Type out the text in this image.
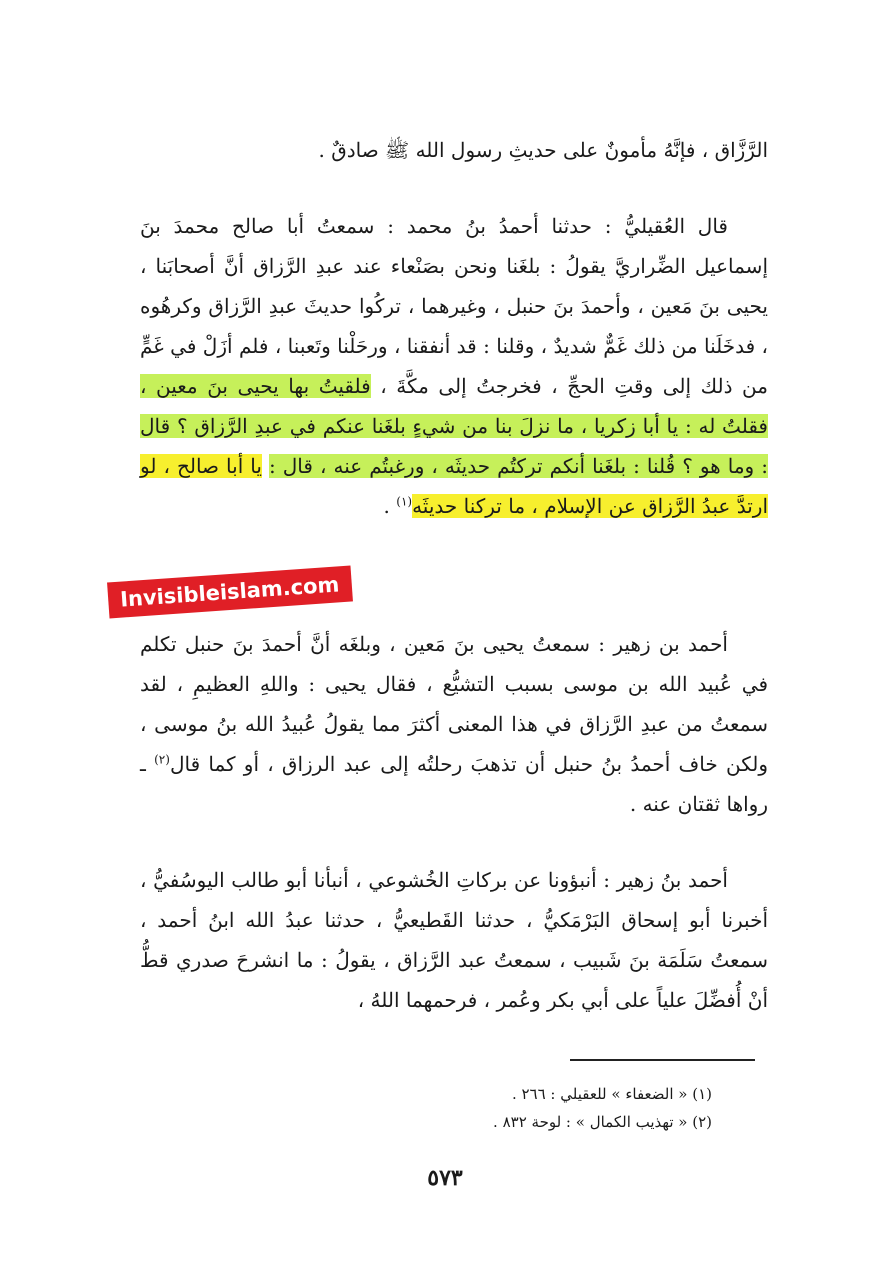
الرَّزَّاق ، فإنَّهُ مأمونٌ على حديثِ رسول الله ﷺ صادقٌ .
قال العُقيليُّ : حدثنا أحمدُ بنُ محمد : سمعتُ أبا صالح محمدَ بنَ إسماعيل الضِّراريَّ يقولُ : بلغَنا ونحن بصَنْعاء عند عبدِ الرَّزاق أنَّ أصحابَنا ، يحيى بنَ مَعين ، وأحمدَ بنَ حنبل ، وغيرهما ، تركُوا حديثَ عبدِ الرَّزاق وكرهُوه ، فدخَلَنا من ذلك غَمٌّ شديدٌ ، وقلنا : قد أنفقنا ، ورحَلْنا وتَعبنا ، فلم أزَلْ في غَمٍّ من ذلك إلى وقتِ الحجِّ ، فخرجتُ إلى مكَّةَ ، فلقيتُ بها يحيى بنَ معين ، فقلتُ له : يا أبا زكريا ، ما نزلَ بنا من شيءٍ بلغَنا عنكم في عبدِ الرَّزاق ؟ قال : وما هو ؟ قُلنا : بلغَنا أنكم تركتُم حديثَه ، ورغبتُم عنه ، قال : يا أبا صالح ، لو ارتدَّ عبدُ الرَّزاق عن الإسلام ، ما تركنا حديثَه$^{(١)}$ .
Invisibleislam.com
أحمد بن زهير : سمعتُ يحيى بنَ مَعين ، وبلغَه أنَّ أحمدَ بنَ حنبل تكلم في عُبيد الله بن موسى بسبب التشيُّع ، فقال يحيى : واللهِ العظيمِ ، لقد سمعتُ من عبدِ الرَّزاق في هذا المعنى أكثرَ مما يقولُ عُبيدُ الله بنُ موسى ، ولكن خاف أحمدُ بنُ حنبل أن تذهبَ رحلتُه إلى عبد الرزاق ، أو كما قال$^{(٢)}$ ـ رواها ثقتان عنه .
أحمد بنُ زهير : أنبؤونا عن بركاتِ الخُشوعي ، أنبأنا أبو طالب اليوسُفيُّ ، أخبرنا أبو إسحاق البَرْمَكيُّ ، حدثنا القَطيعيُّ ، حدثنا عبدُ الله ابنُ أحمد ، سمعتُ سَلَمَة بنَ شَبيب ، سمعتُ عبد الرَّزاق ، يقولُ : ما انشرحَ صدري قطُّ أنْ أُفضِّلَ علياً على أبي بكر وعُمر ، فرحمهما اللهُ ،
(١) « الضعفاء » للعقيلي : ٢٦٦ .
(٢) « تهذيب الكمال » : لوحة ٨٣٢ .
٥٧٣
